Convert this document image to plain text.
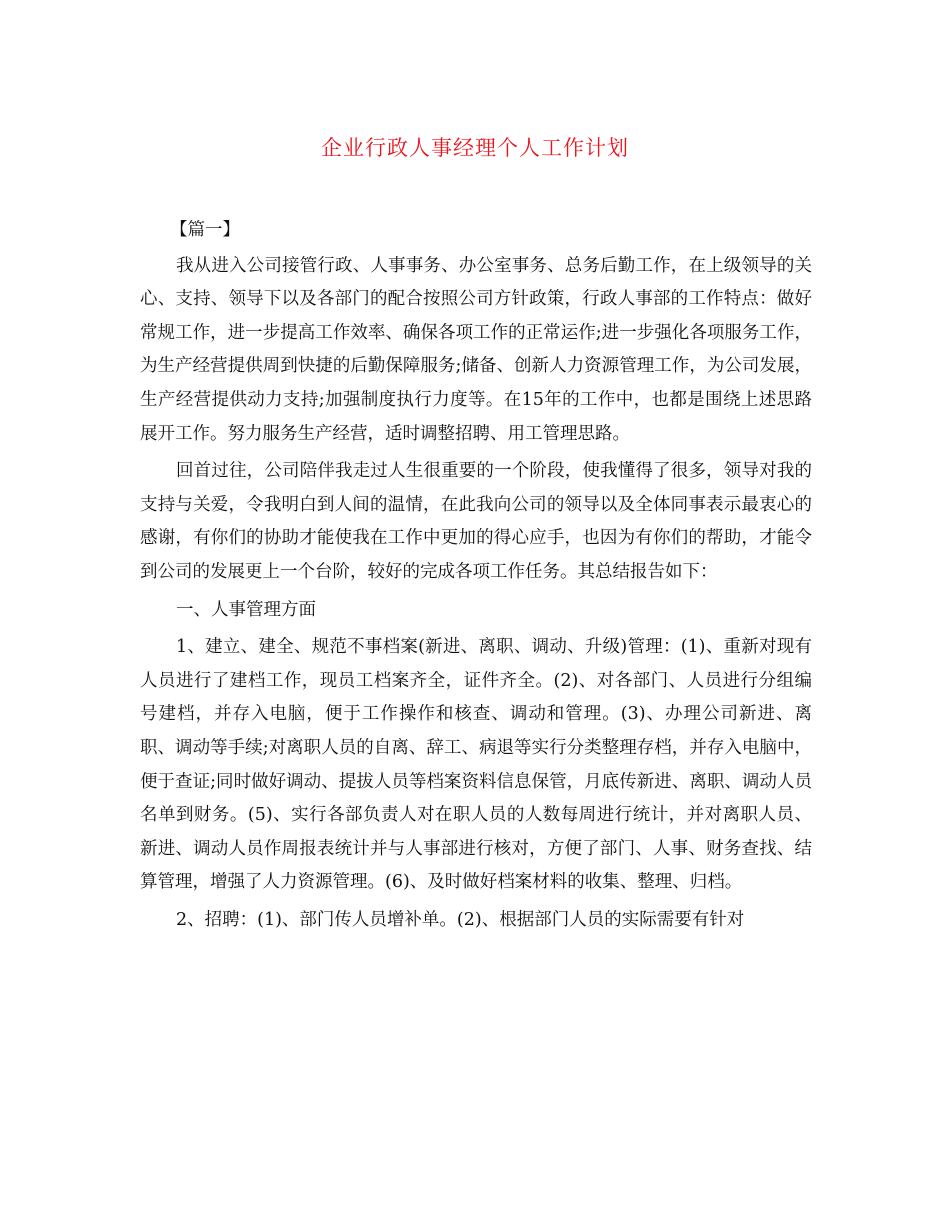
企业行政人事经理个人工作计划
【篇一】

我从进入公司接管行政、人事事务、办公室事务、总务后勤工作，在上级领导的关心、支持、领导下以及各部门的配合按照公司方针政策，行政人事部的工作特点：做好常规工作，进一步提高工作效率、确保各项工作的正常运作;进一步强化各项服务工作，为生产经营提供周到快捷的后勤保障服务;储备、创新人力资源管理工作，为公司发展，生产经营提供动力支持;加强制度执行力度等。在15年的工作中，也都是围绕上述思路展开工作。努力服务生产经营，适时调整招聘、用工管理思路。

回首过往，公司陪伴我走过人生很重要的一个阶段，使我懂得了很多，领导对我的支持与关爱，令我明白到人间的温情，在此我向公司的领导以及全体同事表示最衷心的感谢，有你们的协助才能使我在工作中更加的得心应手，也因为有你们的帮助，才能令到公司的发展更上一个台阶，较好的完成各项工作任务。其总结报告如下：

一、人事管理方面

1、建立、建全、规范不事档案(新进、离职、调动、升级)管理：(1)、重新对现有人员进行了建档工作，现员工档案齐全，证件齐全。(2)、对各部门、人员进行分组编号建档，并存入电脑，便于工作操作和核查、调动和管理。(3)、办理公司新进、离职、调动等手续;对离职人员的自离、辞工、病退等实行分类整理存档，并存入电脑中，便于查证;同时做好调动、提拔人员等档案资料信息保管，月底传新进、离职、调动人员名单到财务。(5)、实行各部负责人对在职人员的人数每周进行统计，并对离职人员、新进、调动人员作周报表统计并与人事部进行核对，方便了部门、人事、财务查找、结算管理，增强了人力资源管理。(6)、及时做好档案材料的收集、整理、归档。

2、招聘：(1)、部门传人员增补单。(2)、根据部门人员的实际需要有针对
